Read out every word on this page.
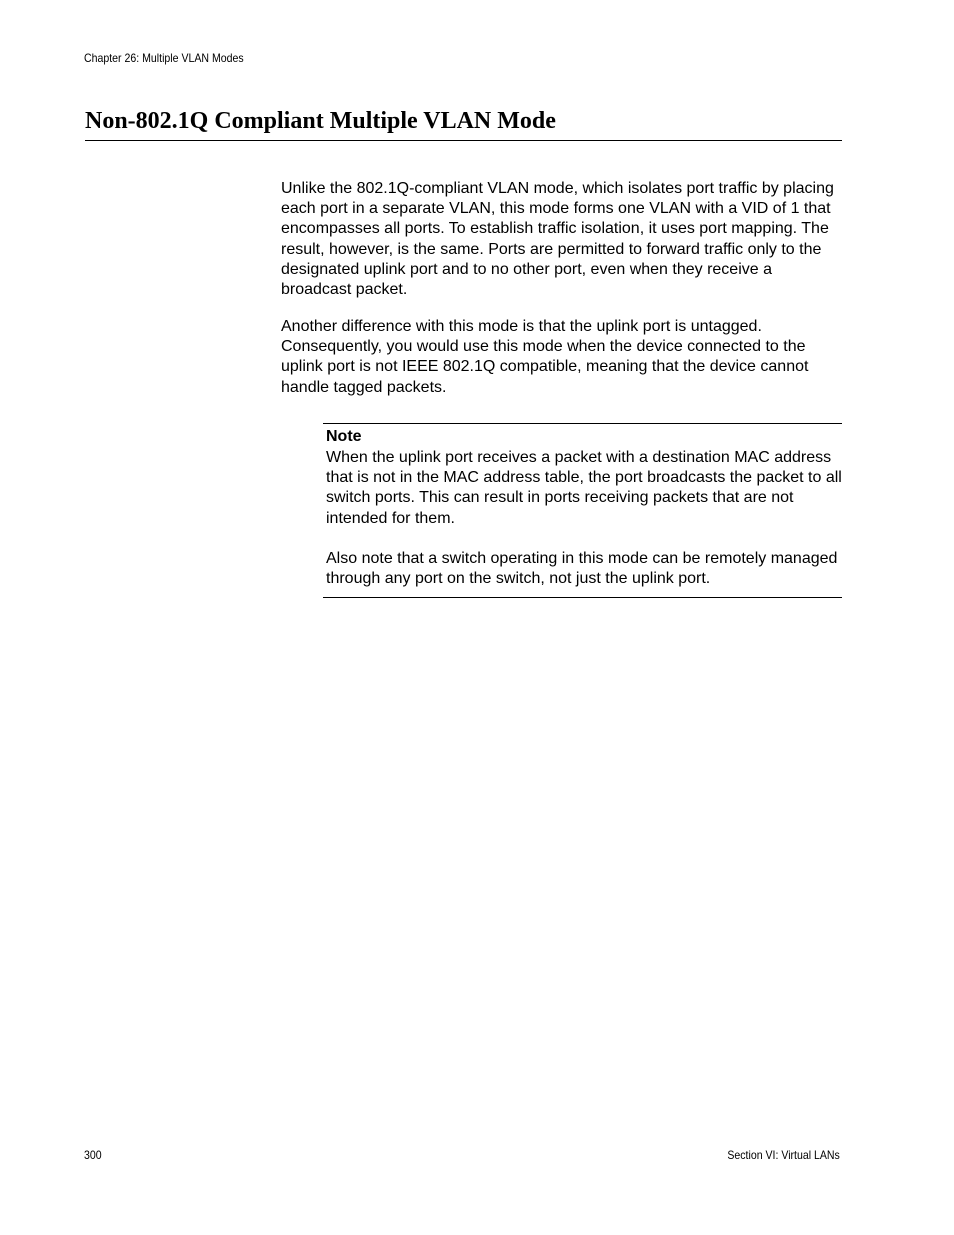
Chapter 26: Multiple VLAN Modes
Non-802.1Q Compliant Multiple VLAN Mode

Unlike the 802.1Q-compliant VLAN mode, which isolates port traffic by placing each port in a separate VLAN, this mode forms one VLAN with a VID of 1 that encompasses all ports. To establish traffic isolation, it uses port mapping. The result, however, is the same. Ports are permitted to forward traffic only to the designated uplink port and to no other port, even when they receive a broadcast packet.

Another difference with this mode is that the uplink port is untagged. Consequently, you would use this mode when the device connected to the uplink port is not IEEE 802.1Q compatible, meaning that the device cannot handle tagged packets.

Note

When the uplink port receives a packet with a destination MAC address that is not in the MAC address table, the port broadcasts the packet to all switch ports. This can result in ports receiving packets that are not intended for them.

Also note that a switch operating in this mode can be remotely managed through any port on the switch, not just the uplink port.

300	Section VI: Virtual LANs
